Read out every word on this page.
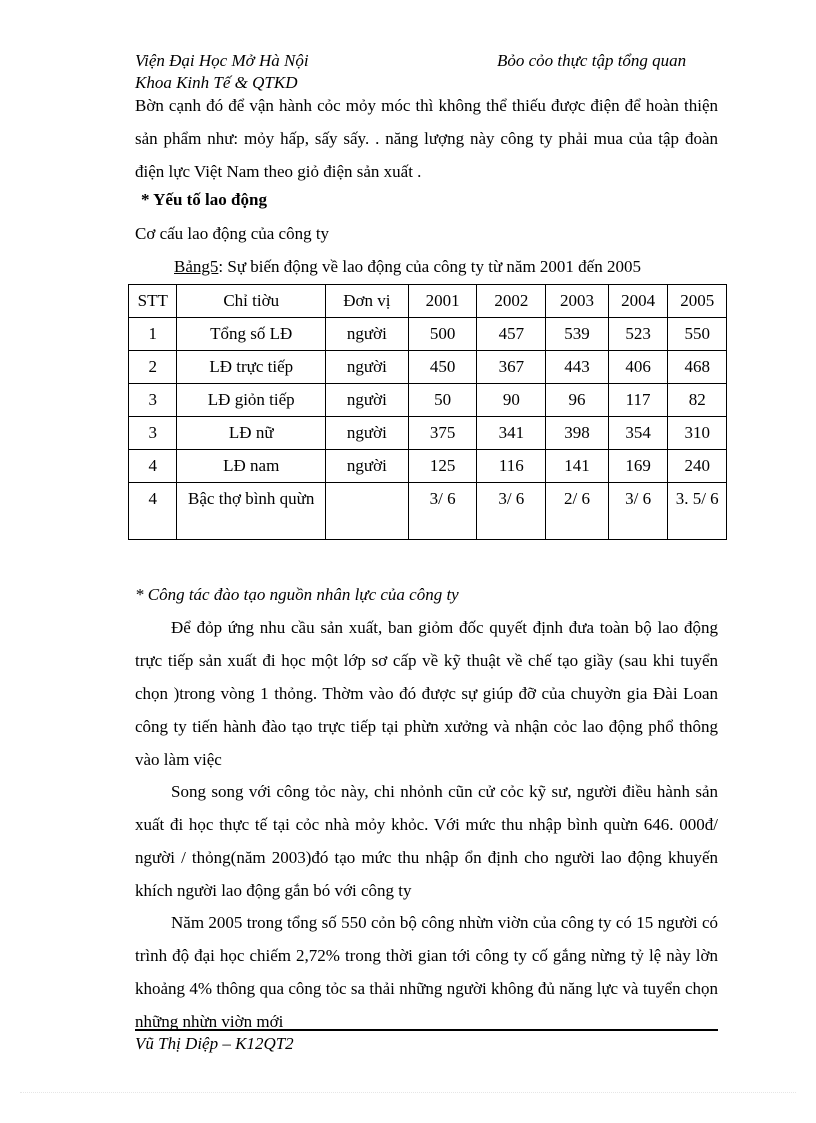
Viện Đại Học Mở Hà Nội
Khoa Kinh Tế & QTKD
Bỏo cỏo thực tập tổng quan
Bờn cạnh đó để vận hành cỏc mỏy móc thì không thể thiếu được điện để hoàn thiện sản phẩm như: mỏy hấp, sấy sấy. . năng lượng này công ty phải mua của tập đoàn điện lực Việt Nam theo giỏ điện sản xuất .
* Yếu tố lao động
Cơ cấu lao động của công ty
Bảng5: Sự biến động về lao động của công ty từ năm 2001 đến 2005
STT	Chỉ tiờu	Đơn vị	2001	2002	2003	2004	2005
1	Tổng số LĐ	người	500	457	539	523	550
2	LĐ trực tiếp	người	450	367	443	406	468
3	LĐ giỏn tiếp	người	50	90	96	117	82
3	LĐ nữ	người	375	341	398	354	310
4	LĐ nam	người	125	116	141	169	240
4	Bậc thợ bình quừn		3/ 6	3/ 6	2/ 6	3/ 6	3. 5/ 6
* Công tác đào tạo nguồn nhân lực của công ty
Để đỏp ứng nhu cầu sản xuất, ban giỏm đốc quyết định đưa toàn bộ lao động trực tiếp sản xuất đi học một lớp sơ cấp về kỹ thuật về chế tạo giầy (sau khi tuyển chọn )trong vòng 1 thỏng. Thờm vào đó được sự giúp đỡ của chuyờn gia Đài Loan công ty tiến hành đào tạo trực tiếp tại phừn xưởng và nhận cỏc lao động phổ thông vào làm việc
Song song với công tỏc này, chi nhỏnh cũn cử cỏc kỹ sư, người điều hành sản xuất đi học thực tế tại cỏc nhà mỏy khỏc. Với mức thu nhập bình quừn 646. 000đ/ người / thỏng(năm 2003)đó tạo mức thu nhập ổn định cho người lao động khuyến khích người lao động gắn bó với công ty
Năm 2005 trong tổng số 550 cỏn bộ công nhừn viờn của công ty có 15 người có trình độ đại học chiếm 2,72% trong thời gian tới công ty cố gắng nừng tỷ lệ này lờn khoảng 4% thông qua công tỏc sa thải những người không đủ năng lực và tuyển chọn những nhừn viờn mới
Vũ Thị Diệp – K12QT2
